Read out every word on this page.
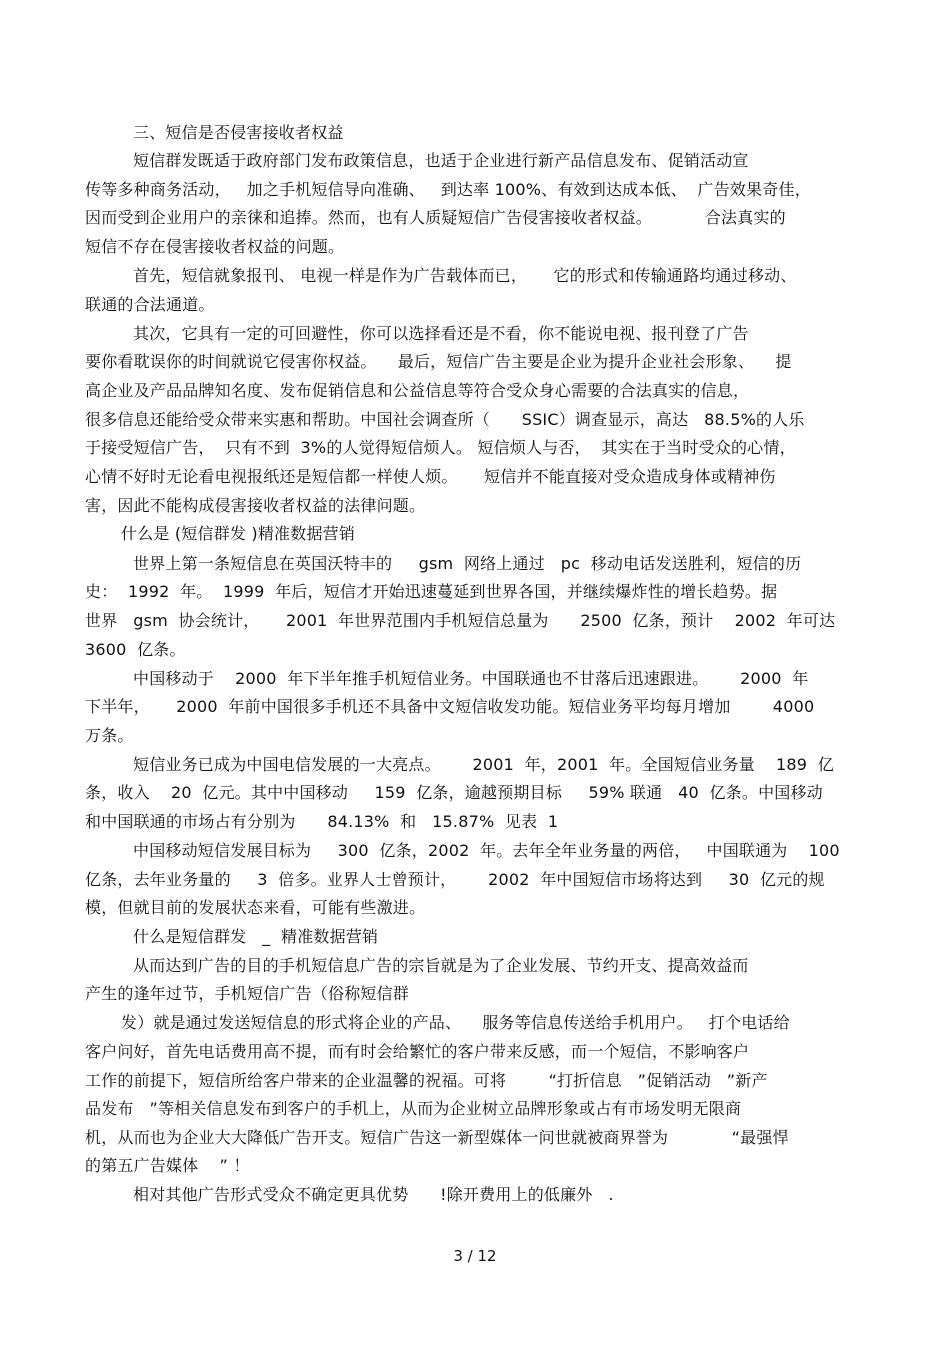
三、短信是否侵害接收者权益
短信群发既适于政府部门发布政策信息，也适于企业进行新产品信息发布、促销活动宣
传等多种商务活动，   加之手机短信导向准确、   到达率 100%、有效到达成本低、  广告效果奇佳，
因而受到企业用户的亲徕和追捧。然而，也有人质疑短信广告侵害接收者权益。          合法真实的
短信不存在侵害接收者权益的问题。
首先，短信就象报刊、 电视一样是作为广告载体而已，     它的形式和传输通路均通过移动、
联通的合法通道。
其次，它具有一定的可回避性，你可以选择看还是不看，你不能说电视、报刊登了广告
要你看耽误你的时间就说它侵害你权益。    最后，短信广告主要是企业为提升企业社会形象、    提
高企业及产品品牌知名度、发布促销信息和公益信息等符合受众身心需要的合法真实的信息，
很多信息还能给受众带来实惠和帮助。中国社会调查所（      SSIC）调查显示，高达   88.5%的人乐
于接受短信广告，  只有不到  3%的人觉得短信烦人。 短信烦人与否，  其实在于当时受众的心情，
心情不好时无论看电视报纸还是短信都一样使人烦。     短信并不能直接对受众造成身体或精神伤
害，因此不能构成侵害接收者权益的法律问题。
什么是 (短信群发 )精准数据营销
世界上第一条短信息在英国沃特丰的     gsm  网络上通过   pc  移动电话发送胜利，短信的历
史：  1992  年。  1999  年后，短信才开始迅速蔓延到世界各国，并继续爆炸性的增长趋势。据
世界   gsm  协会统计，     2001  年世界范围内手机短信总量为      2500  亿条，预计    2002  年可达
3600  亿条。
中国移动于    2000  年下半年推手机短信业务。中国联通也不甘落后迅速跟进。      2000  年
下半年，     2000  年前中国很多手机还不具备中文短信收发功能。短信业务平均每月增加        4000
万条。
短信业务已成为中国电信发展的一大亮点。      2001  年，2001  年。全国短信业务量    189  亿
条，收入    20  亿元。其中中国移动     159  亿条，逾越预期目标     59% 联通   40  亿条。中国移动
和中国联通的市场占有分别为      84.13%  和   15.87%  见表  1
中国移动短信发展目标为     300  亿条，2002  年。去年全年业务量的两倍，   中国联通为    100
亿条，去年业务量的     3  倍多。业界人士曾预计，      2002  年中国短信市场将达到     30  亿元的规
模，但就目前的发展状态来看，可能有些激进。
什么是短信群发   _  精准数据营销
从而达到广告的目的手机短信息广告的宗旨就是为了企业发展、节约开支、提高效益而
产生的逢年过节，手机短信广告（俗称短信群
发）就是通过发送短信息的形式将企业的产品、    服务等信息传送给手机用户。   打个电话给
客户问好，首先电话费用高不提，而有时会给繁忙的客户带来反感，而一个短信，不影响客户
工作的前提下，短信所给客户带来的企业温馨的祝福。可将        “打折信息   ”促销活动   ”新产
品发布   ”等相关信息发布到客户的手机上，从而为企业树立品牌形象或占有市场发明无限商
机，从而也为企业大大降低广告开支。短信广告这一新型媒体一问世就被商界誉为            “最强悍
的第五广告媒体    ” ！
相对其他广告形式受众不确定更具优势      !除开费用上的低廉外   .
3 / 12
